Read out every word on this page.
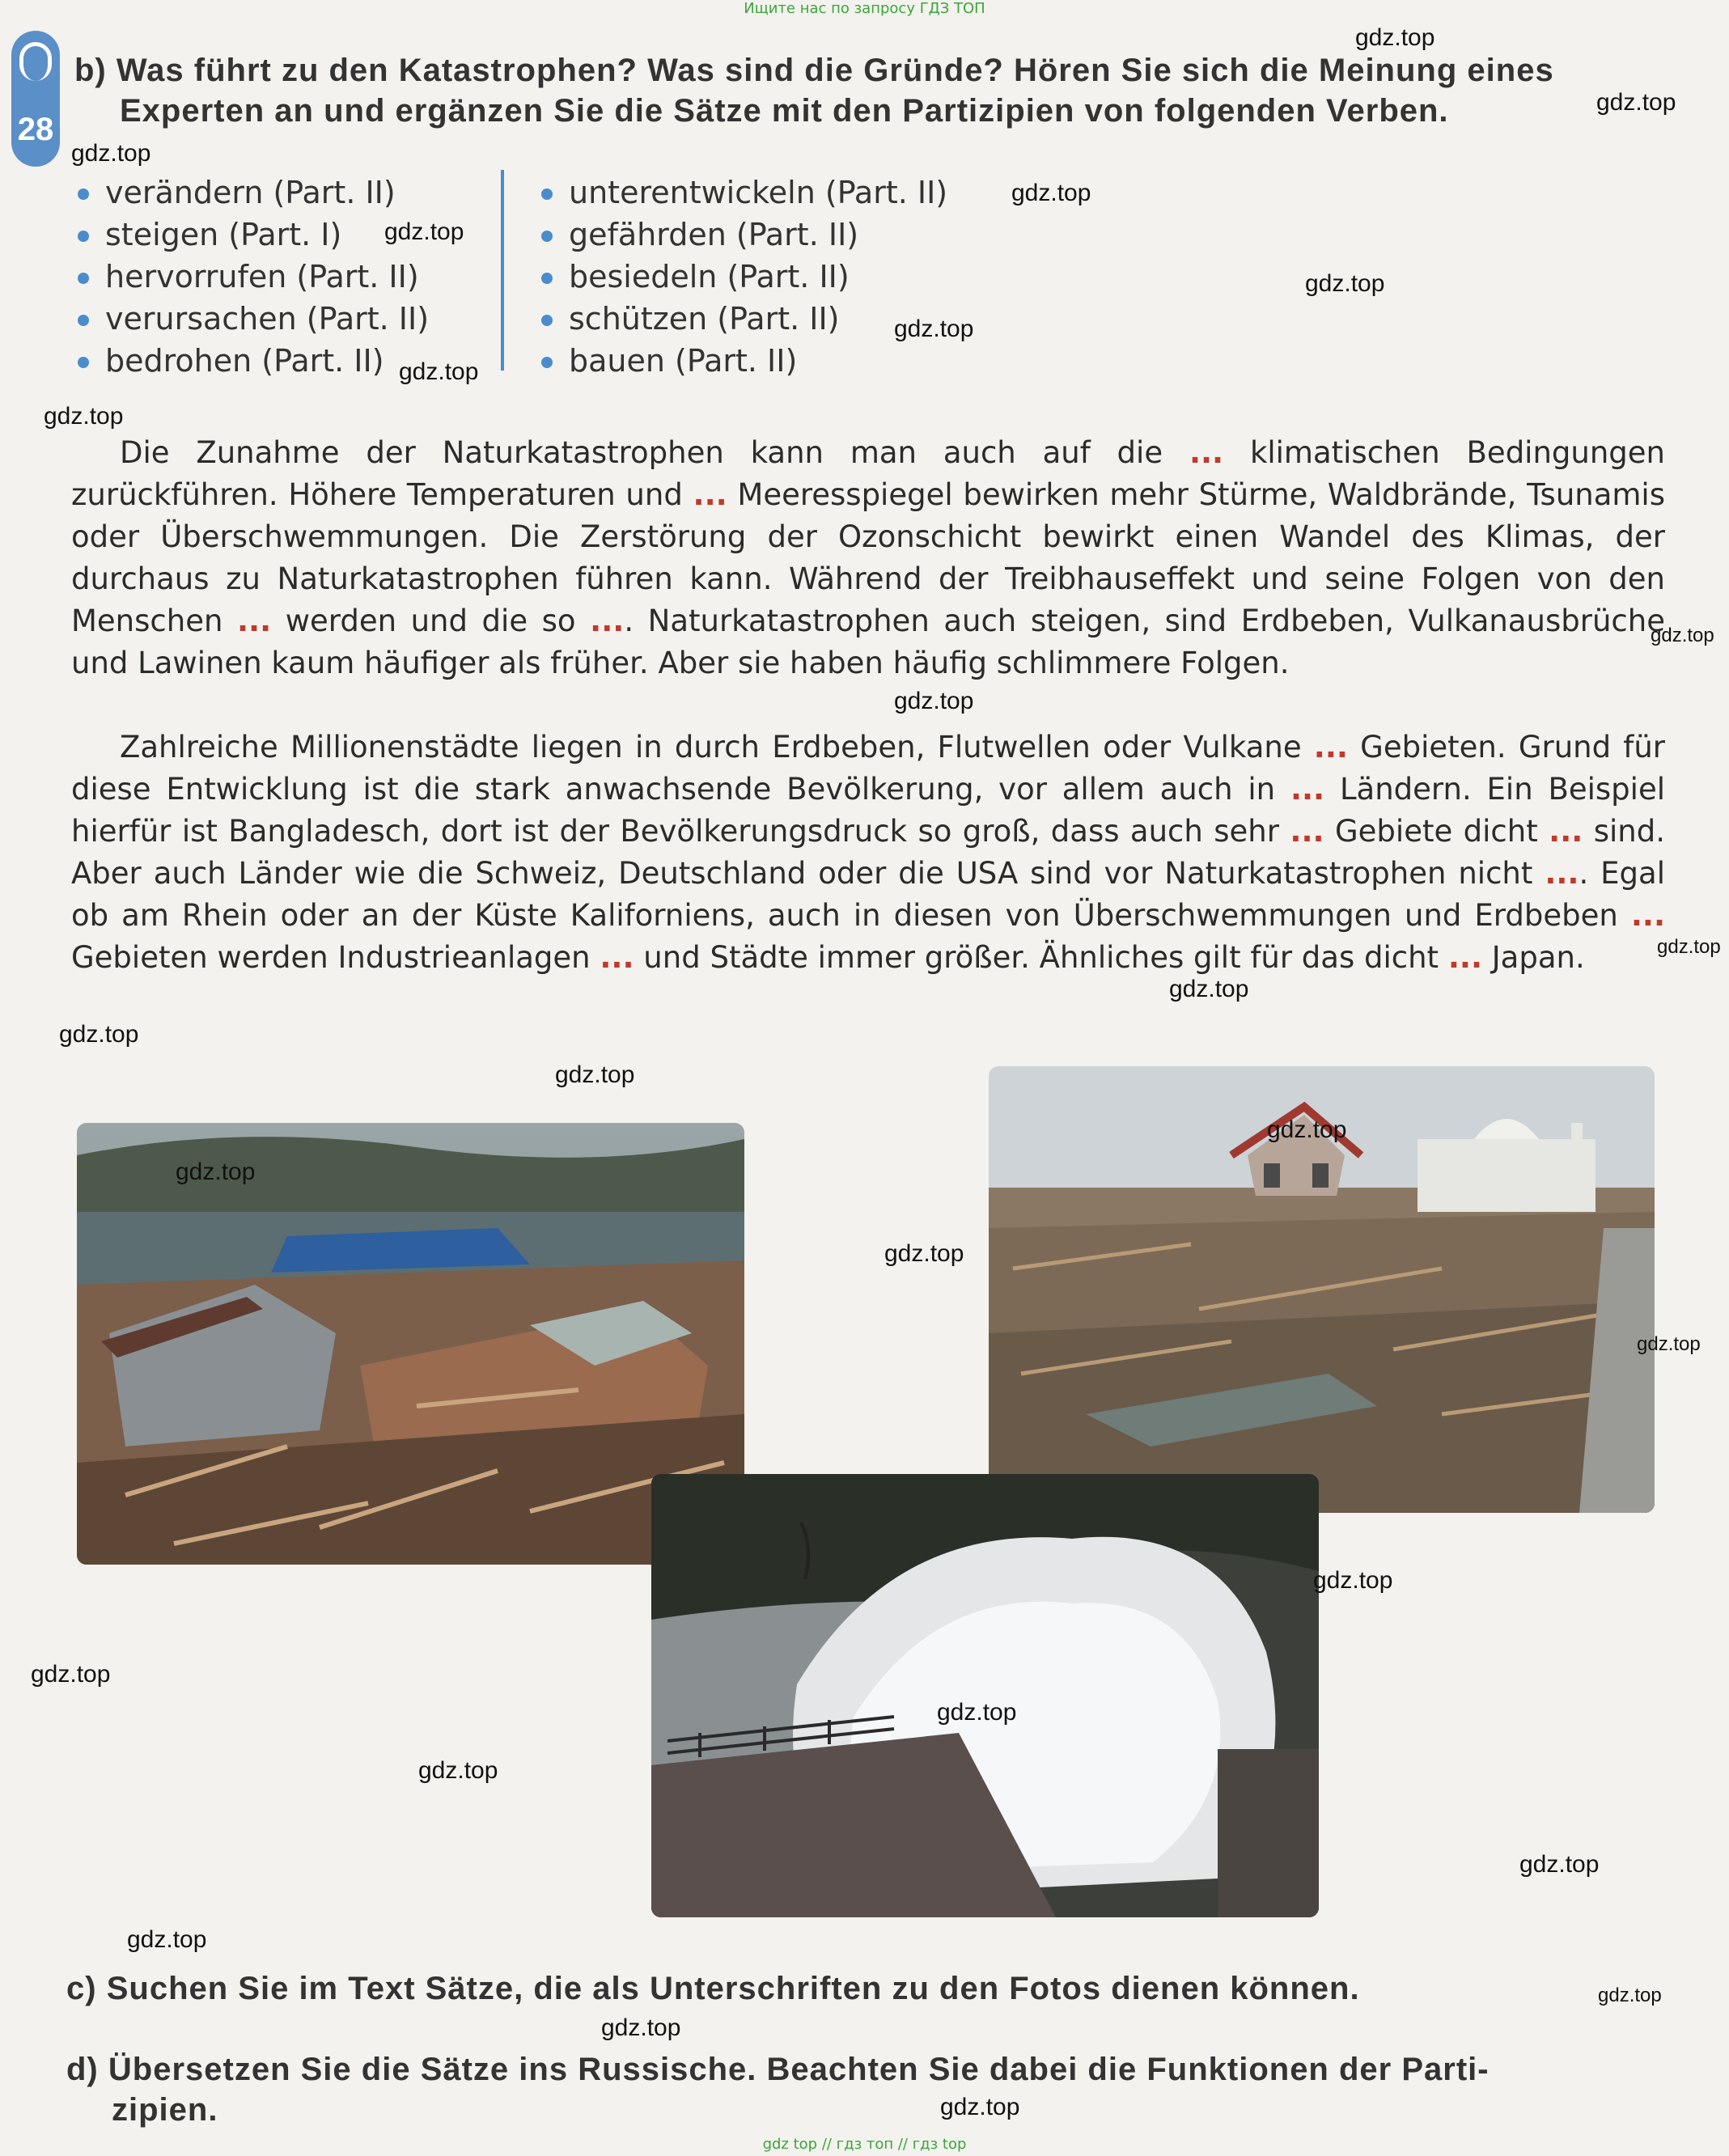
Ищите нас по запросу ГДЗ ТОП
28
b) Was führt zu den Katastrophen? Was sind die Gründe? Hören Sie sich die Meinung eines
Experten an und ergänzen Sie die Sätze mit den Partizipien von folgenden Verben.
verändern (Part. II)
steigen (Part. I)
hervorrufen (Part. II)
verursachen (Part. II)
bedrohen (Part. II)
unterentwickeln (Part. II)
gefährden (Part. II)
besiedeln (Part. II)
schützen (Part. II)
bauen (Part. II)
Die Zunahme der Naturkatastrophen kann man auch auf die ... klimatischen Bedingungen zurückführen. Höhere Temperaturen und ... Meeresspiegel bewirken mehr Stürme, Waldbrände, Tsunamis oder Überschwemmungen. Die Zerstörung der Ozonschicht bewirkt einen Wandel des Klimas, der durchaus zu Naturkatastrophen führen kann. Während der Treibhauseffekt und seine Folgen von den Menschen ... werden und die so .... Naturkatastrophen auch steigen, sind Erdbeben, Vulkanausbrüche und Lawinen kaum häufiger als früher. Aber sie haben häufig schlimmere Folgen.
Zahlreiche Millionenstädte liegen in durch Erdbeben, Flutwellen oder Vulkane ... Gebieten. Grund für diese Entwicklung ist die stark anwachsende Bevölkerung, vor allem auch in ... Ländern. Ein Beispiel hierfür ist Bangladesch, dort ist der Bevölkerungsdruck so groß, dass auch sehr ... Gebiete dicht ... sind. Aber auch Länder wie die Schweiz, Deutschland oder die USA sind vor Naturkatastrophen nicht .... Egal ob am Rhein oder an der Küste Kaliforniens, auch in diesen von Überschwemmungen und Erdbeben ... Gebieten werden Industrieanlagen ... und Städte immer größer. Ähnliches gilt für das dicht ... Japan.
c) Suchen Sie im Text Sätze, die als Unterschriften zu den Fotos dienen können.
d) Übersetzen Sie die Sätze ins Russische. Beachten Sie dabei die Funktionen der Parti-
zipien.
gdz.top
gdz.top
gdz.top
gdz.top
gdz.top
gdz.top
gdz.top
gdz.top
gdz.top
gdz.top
gdz.top
gdz.top
gdz.top
gdz.top
gdz.top
gdz.top
gdz.top
gdz.top
gdz.top
gdz.top
gdz.top
gdz.top
gdz.top
gdz.top
gdz.top
gdz.top
gdz.top
gdz.top
gdz top // гдз топ // гдз top
